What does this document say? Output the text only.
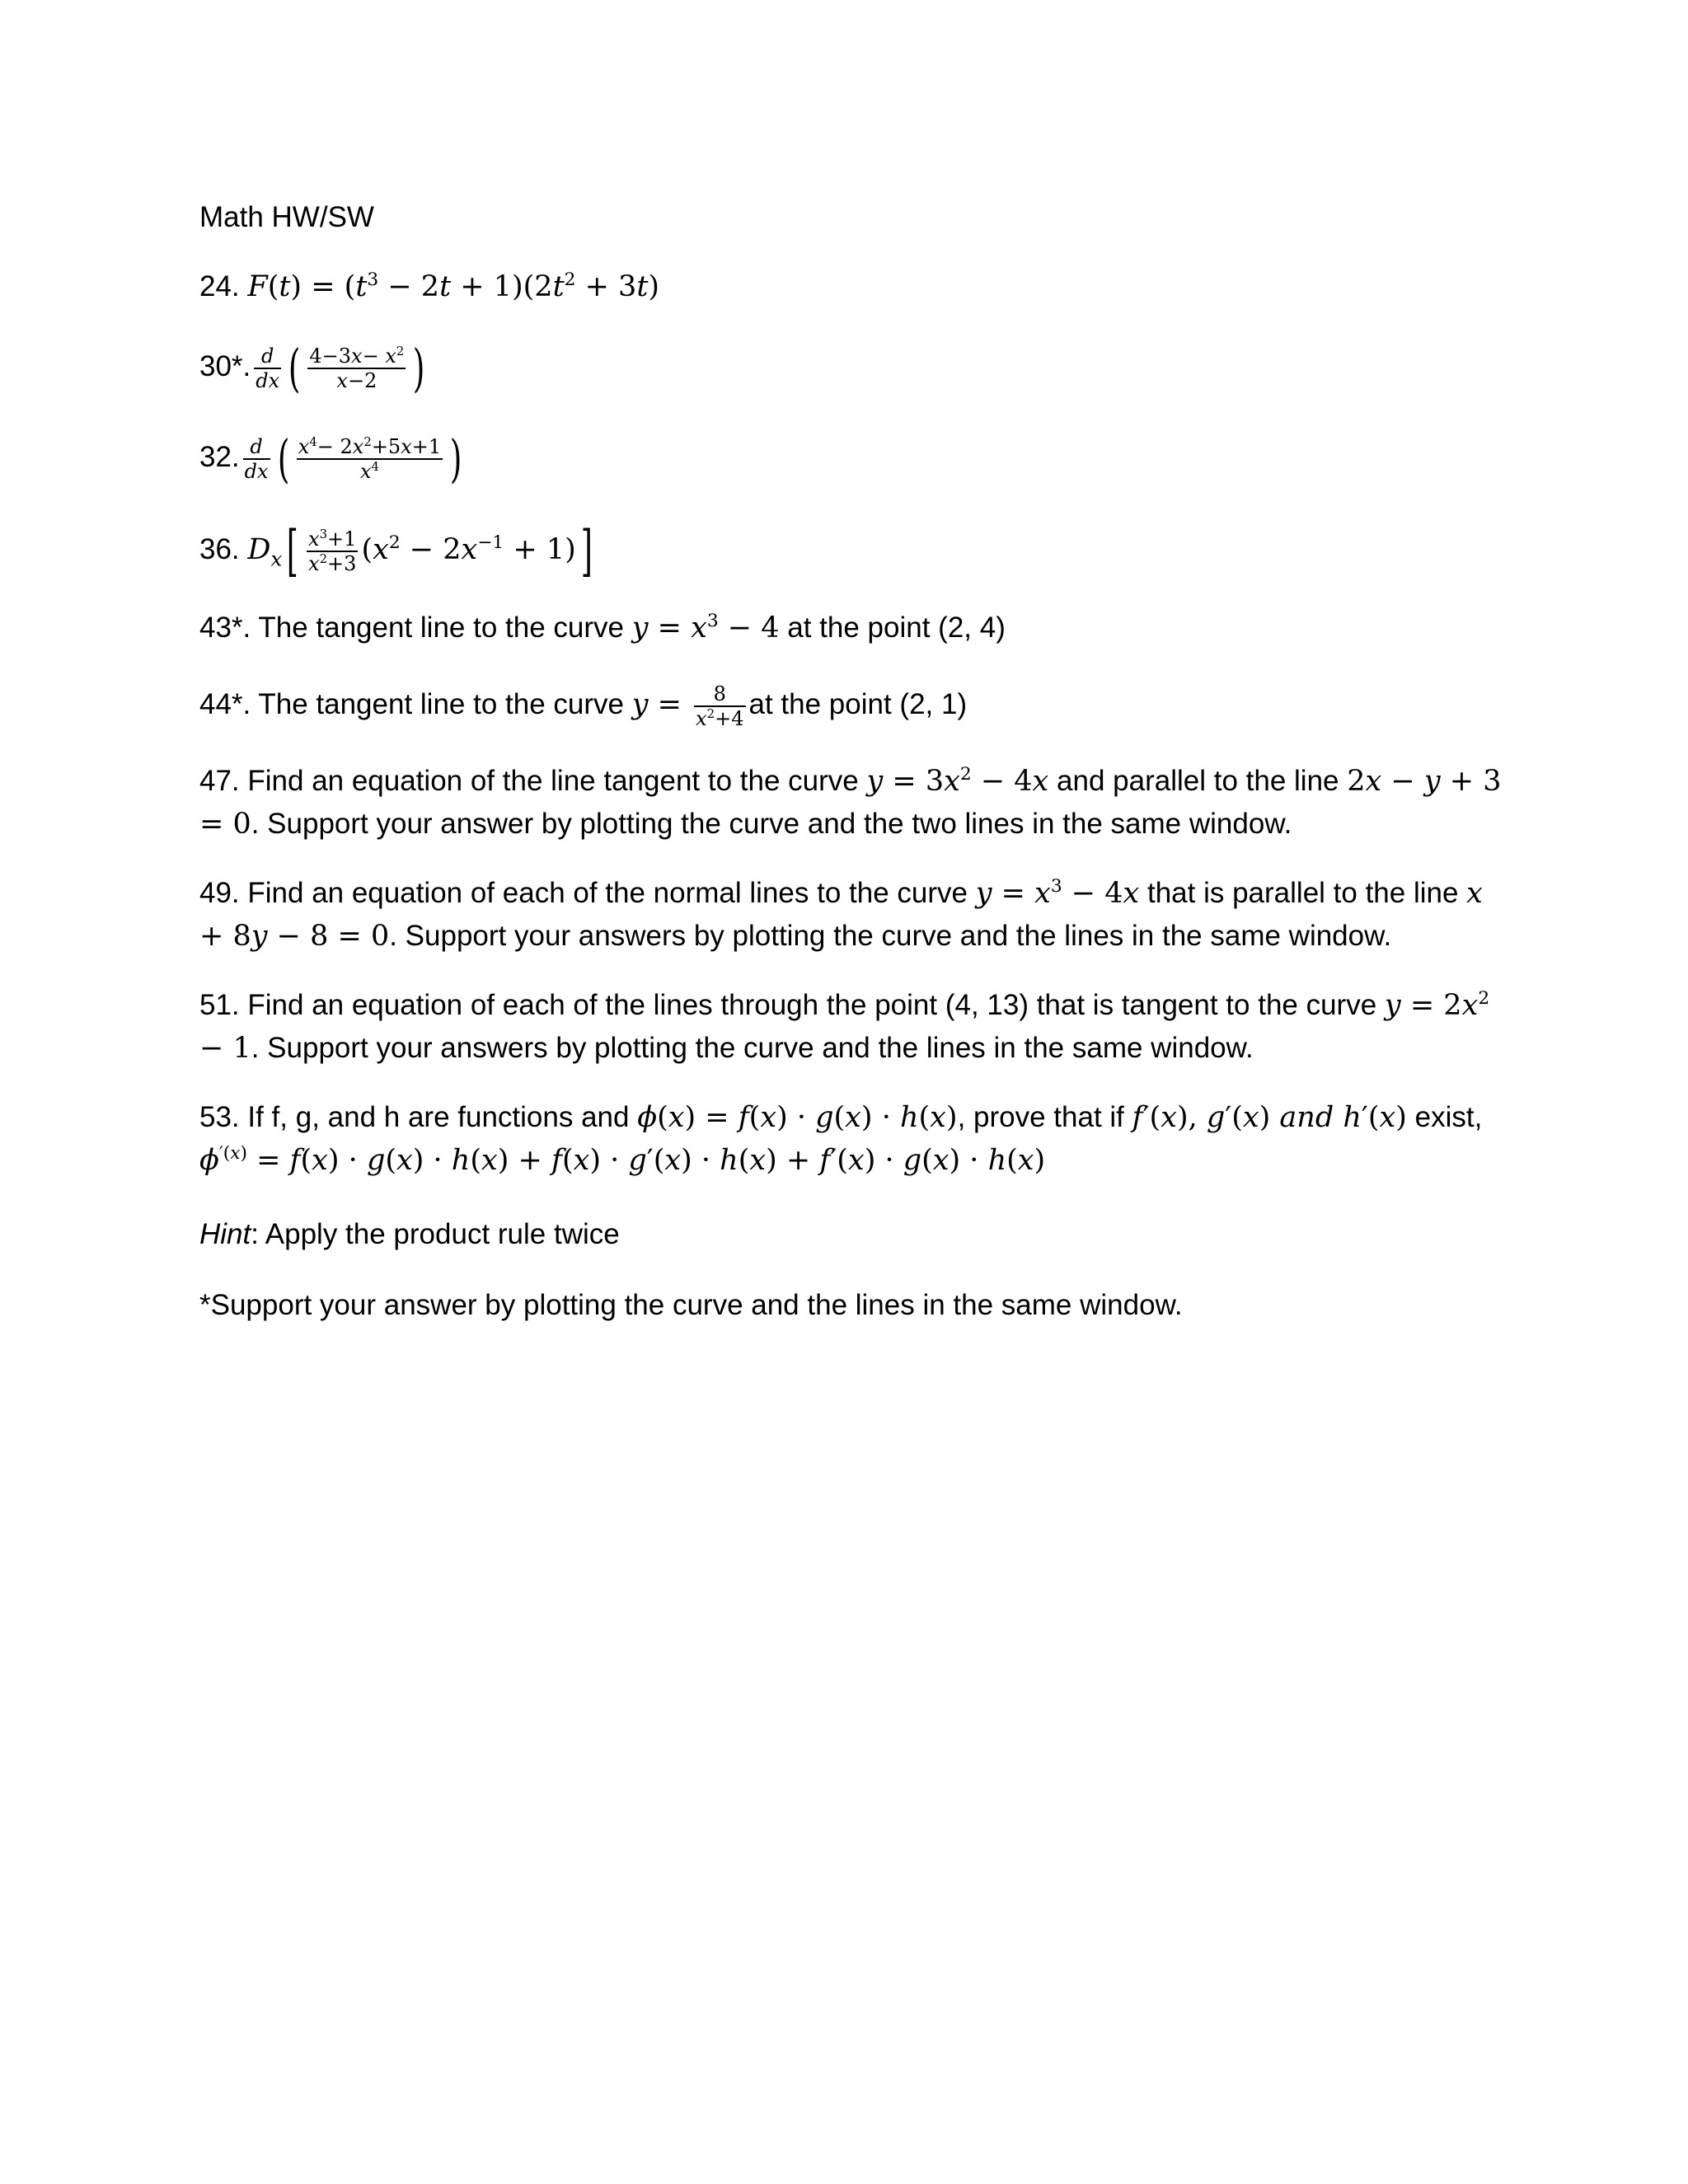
Math HW/SW
24. $F(t) = (t^3 - 2t + 1)(2t^2 + 3t)$
30*. $\frac{d}{dx}$ ( $\frac{4-3x- x^2}{x-2}$ )
32. $\frac{d}{dx}$ ( $\frac{x^4- 2x^2+5x+1}{x^4}$ )
36. $D_x[ \frac{x^3+1}{x^2+3} (x^2 - 2x^{-1} + 1)]$
43*. The tangent line to the curve $y = x^3 - 4$ at the point (2, 4)
44*. The tangent line to the curve $y = \frac{8}{x^2+4}$ at the point (2, 1)
47. Find an equation of the line tangent to the curve $y = 3x^2 - 4x$ and parallel to the line 2x − y + 3 = 0. Support your answer by plotting the curve and the two lines in the same window.
49. Find an equation of each of the normal lines to the curve $y = x^3 - 4x$ that is parallel to the line x + 8y − 8 = 0. Support your answers by plotting the curve and the lines in the same window.
51. Find an equation of each of the lines through the point (4, 13) that is tangent to the curve $y = 2x^2 - 1$. Support your answers by plotting the curve and the lines in the same window.
53. If f, g, and h are functions and ϕ(x) = f(x) · g(x) · h(x), prove that if f′(x), g′(x) and h′(x) exist,
$\phi^{'(x)} = f(x) \cdot g(x) \cdot h(x) + f(x) \cdot g'(x) \cdot h(x) + f'(x) \cdot g(x) \cdot h(x)$
Hint: Apply the product rule twice
*Support your answer by plotting the curve and the lines in the same window.
